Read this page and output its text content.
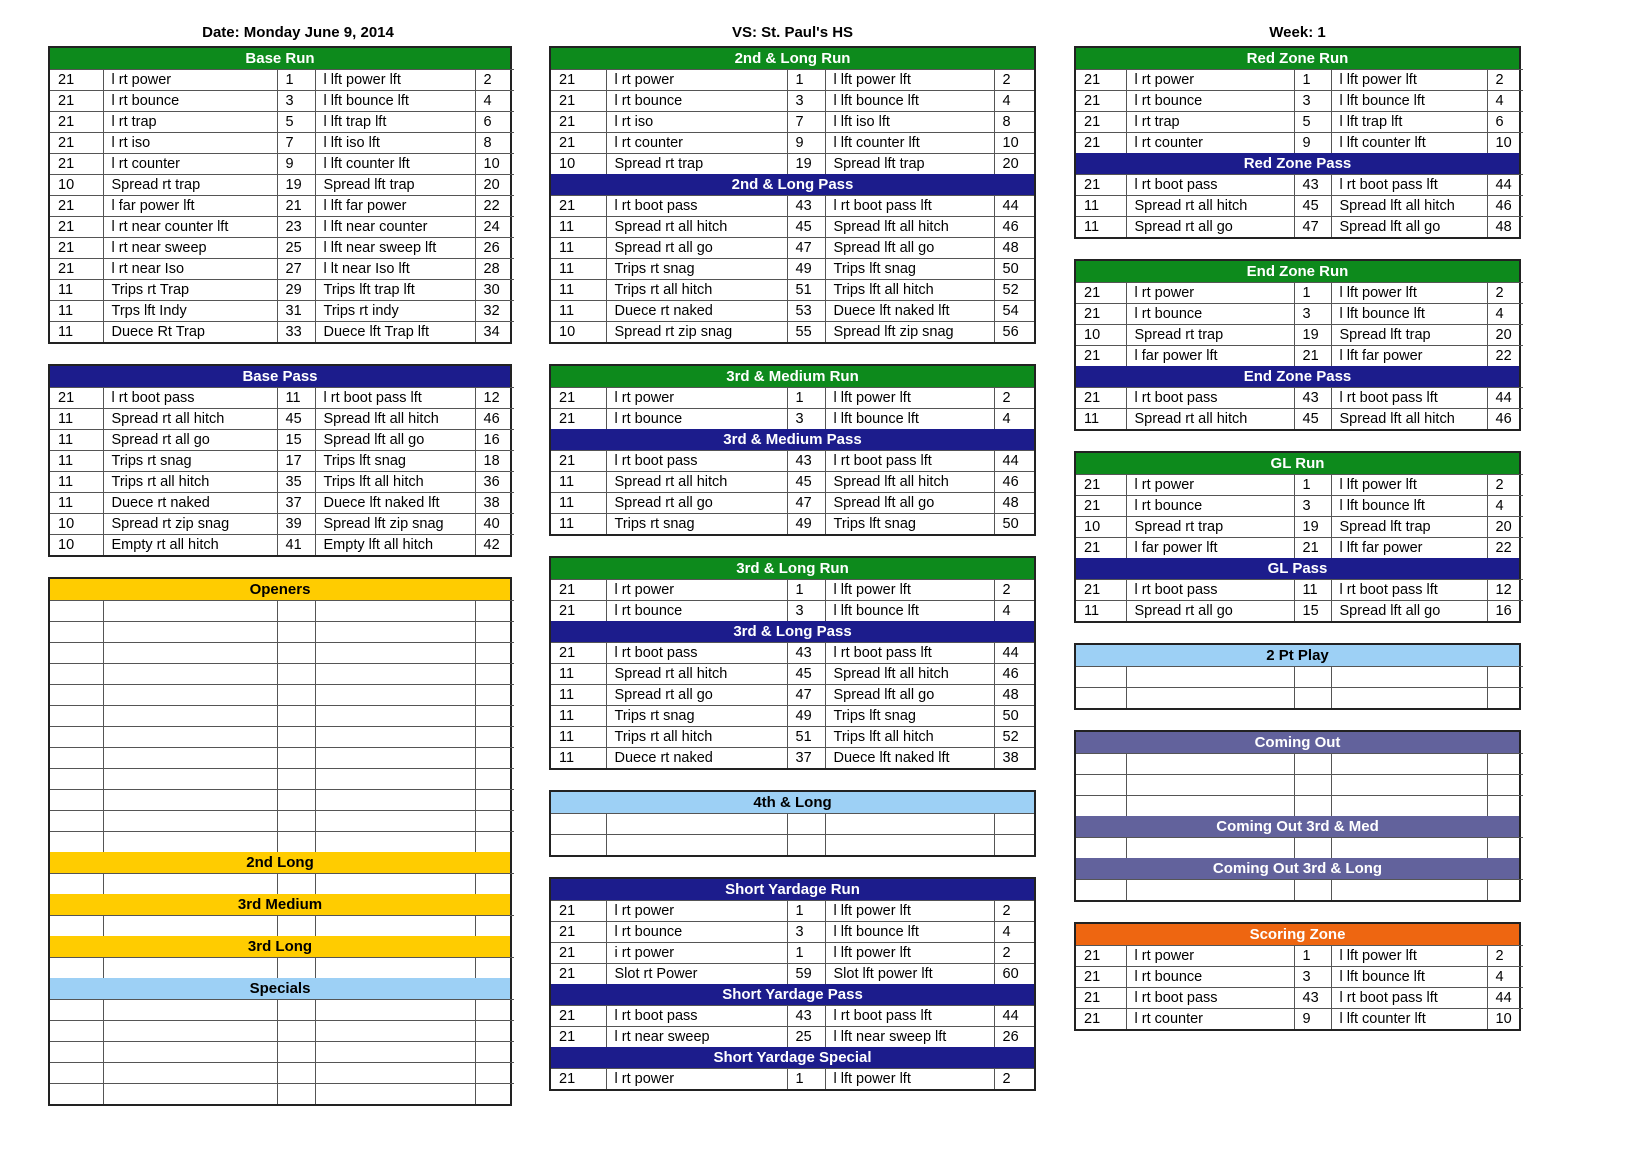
Date: Monday June 9, 2014	VS: St. Paul's HS	Week: 1
Base Run
21	l rt power	1	l lft power lft	2
21	l rt bounce	3	l lft bounce lft	4
21	l rt trap	5	l lft trap lft	6
21	l rt iso	7	l lft iso lft	8
21	l rt counter	9	l lft counter lft	10
10	Spread rt trap	19	Spread lft trap	20
21	l far power lft	21	l lft far power	22
21	l rt near counter lft	23	l lft near counter	24
21	l rt near sweep	25	l lft near sweep lft	26
21	l rt near Iso	27	l lt near Iso lft	28
11	Trips rt Trap	29	Trips lft trap lft	30
11	Trps lft Indy	31	Trips rt indy	32
11	Duece Rt Trap	33	Duece lft Trap lft	34
Base Pass
21	l rt boot pass	11	l rt boot pass lft	12
11	Spread rt all hitch	45	Spread lft all hitch	46
11	Spread rt all go	15	Spread lft all go	16
11	Trips rt snag	17	Trips lft snag	18
11	Trips rt all hitch	35	Trips lft all hitch	36
11	Duece rt naked	37	Duece lft naked lft	38
10	Spread rt zip snag	39	Spread lft zip snag	40
10	Empty rt all hitch	41	Empty lft all hitch	42
Openers

2nd Long

3rd Medium

3rd Long

Specials

2nd & Long Run
21	l rt power	1	l lft power lft	2
21	l rt bounce	3	l lft bounce lft	4
21	l rt iso	7	l lft iso lft	8
21	l rt counter	9	l lft counter lft	10
10	Spread rt trap	19	Spread lft trap	20
2nd & Long Pass
21	l rt boot pass	43	l rt boot pass lft	44
11	Spread rt all hitch	45	Spread lft all hitch	46
11	Spread rt all go	47	Spread lft all go	48
11	Trips rt snag	49	Trips lft snag	50
11	Trips rt all hitch	51	Trips lft all hitch	52
11	Duece rt naked	53	Duece lft naked lft	54
10	Spread rt zip snag	55	Spread lft zip snag	56
3rd & Medium Run
21	l rt power	1	l lft power lft	2
21	l rt bounce	3	l lft bounce lft	4
3rd & Medium Pass
21	l rt boot pass	43	l rt boot pass lft	44
11	Spread rt all hitch	45	Spread lft all hitch	46
11	Spread rt all go	47	Spread lft all go	48
11	Trips rt snag	49	Trips lft snag	50
3rd & Long Run
21	l rt power	1	l lft power lft	2
21	l rt bounce	3	l lft bounce lft	4
3rd & Long Pass
21	l rt boot pass	43	l rt boot pass lft	44
11	Spread rt all hitch	45	Spread lft all hitch	46
11	Spread rt all go	47	Spread lft all go	48
11	Trips rt snag	49	Trips lft snag	50
11	Trips rt all hitch	51	Trips lft all hitch	52
11	Duece rt naked	37	Duece lft naked lft	38
4th & Long

Short Yardage Run
21	l rt power	1	l lft power lft	2
21	l rt bounce	3	l lft bounce lft	4
21	i rt power	1	l lft power lft	2
21	Slot rt Power	59	Slot lft power lft	60
Short Yardage Pass
21	l rt boot pass	43	l rt boot pass lft	44
21	l rt near sweep	25	l lft near sweep lft	26
Short Yardage Special
21	l rt power	1	l lft power lft	2
Red Zone Run
21	l rt power	1	l lft power lft	2
21	l rt bounce	3	l lft bounce lft	4
21	l rt trap	5	l lft trap lft	6
21	l rt counter	9	l lft counter lft	10
Red Zone Pass
21	l rt boot pass	43	l rt boot pass lft	44
11	Spread rt all hitch	45	Spread lft all hitch	46
11	Spread rt all go	47	Spread lft all go	48
End Zone Run
21	l rt power	1	l lft power lft	2
21	l rt bounce	3	l lft bounce lft	4
10	Spread rt trap	19	Spread lft trap	20
21	l far power lft	21	l lft far power	22
End Zone Pass
21	l rt boot pass	43	l rt boot pass lft	44
11	Spread rt all hitch	45	Spread lft all hitch	46
GL Run
21	l rt power	1	l lft power lft	2
21	l rt bounce	3	l lft bounce lft	4
10	Spread rt trap	19	Spread lft trap	20
21	l far power lft	21	l lft far power	22
GL Pass
21	l rt boot pass	11	l rt boot pass lft	12
11	Spread rt all go	15	Spread lft all go	16
2 Pt Play

Coming Out

Coming Out 3rd & Med

Coming Out 3rd & Long

Scoring Zone
21	l rt power	1	l lft power lft	2
21	l rt bounce	3	l lft bounce lft	4
21	l rt boot pass	43	l rt boot pass lft	44
21	l rt counter	9	l lft counter lft	10
